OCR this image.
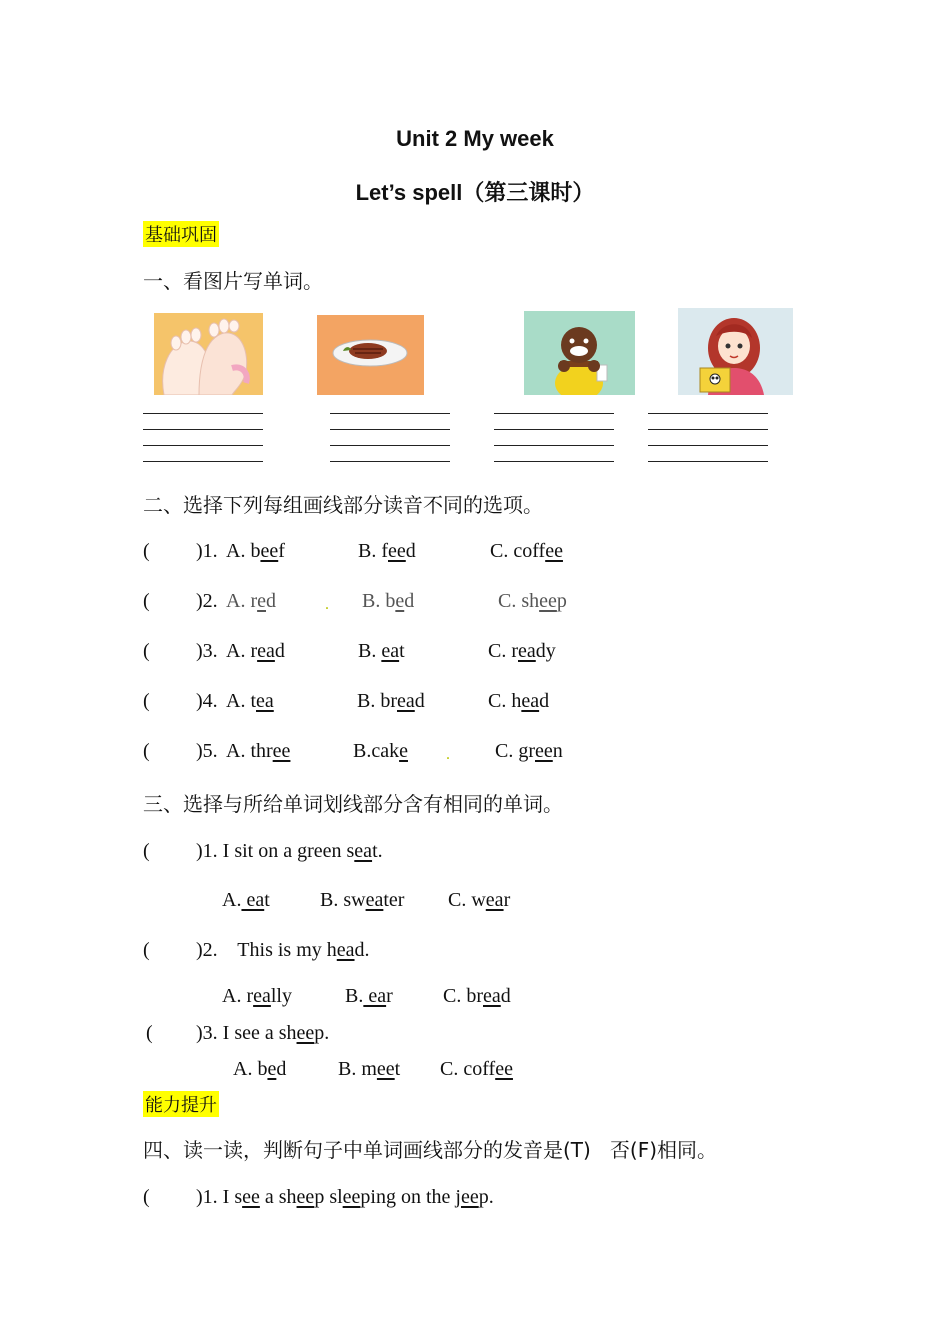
Unit 2 My week
Let’s spell（第三课时）
基础巩固
一、看图片写单词。
二、选择下列每组画线部分读音不同的选项。
( )1. A. beef	B. feed	C. coffee
( )2. A. red	. B. bed	C. sheep
( )3. A. read	B. eat	C. ready
( )4. A. tea	B. bread	C. head
( )5. A. three	B.cake . C. green
三、选择与所给单词划线部分含有相同的单词。
( )1. I sit on a green seat.
A. eat	B. sweater C. wear
( )2.    This is my head.
A. really	B. ear	C. bread
( )3. I see a sheep.
A. bed	B. meet C. coffee
能力提升
四、读一读，判断句子中单词画线部分的发音是(T)   否(F)相同。
( )1. I see a sheep sleeping on the jeep.
